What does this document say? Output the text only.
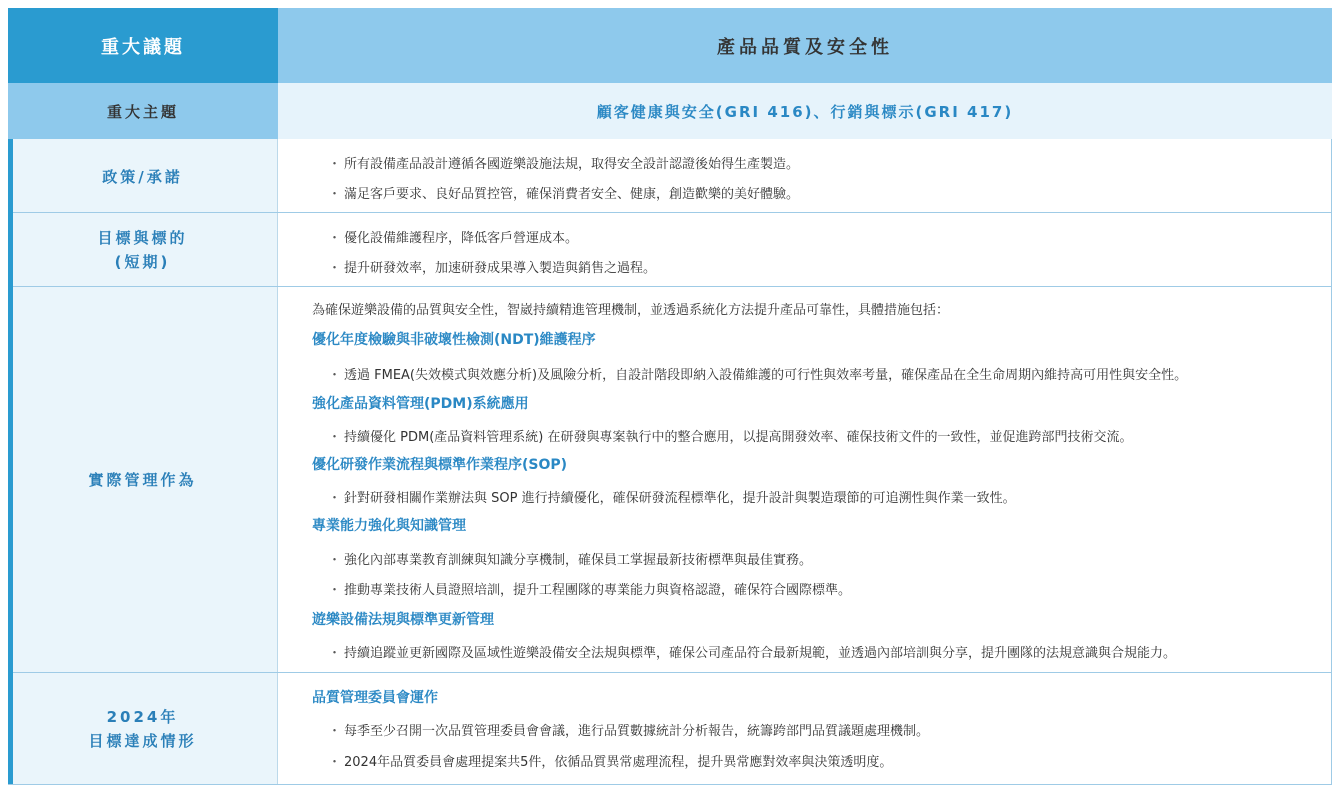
重大議題	產品品質及安全性
重大主題	顧客健康與安全(GRI 416)、行銷與標示(GRI 417)
政策/承諾
・ 所有設備產品設計遵循各國遊樂設施法規，取得安全設計認證後始得生產製造。
・ 滿足客戶要求、良好品質控管，確保消費者安全、健康，創造歡樂的美好體驗。
目標與標的
(短期)
・ 優化設備維護程序，降低客戶營運成本。
・ 提升研發效率，加速研發成果導入製造與銷售之過程。
實際管理作為
為確保遊樂設備的品質與安全性，智崴持續精進管理機制，並透過系統化方法提升產品可靠性，具體措施包括：
優化年度檢驗與非破壞性檢測(NDT)維護程序
・ 透過 FMEA(失效模式與效應分析)及風險分析，自設計階段即納入設備維護的可行性與效率考量，確保產品在全生命周期內維持高可用性與安全性。
強化產品資料管理(PDM)系統應用
・ 持續優化 PDM(產品資料管理系統) 在研發與專案執行中的整合應用，以提高開發效率、確保技術文件的一致性，並促進跨部門技術交流。
優化研發作業流程與標準作業程序(SOP)
・ 針對研發相關作業辦法與 SOP 進行持續優化，確保研發流程標準化，提升設計與製造環節的可追溯性與作業一致性。
專業能力強化與知識管理
・ 強化內部專業教育訓練與知識分享機制，確保員工掌握最新技術標準與最佳實務。
・ 推動專業技術人員證照培訓，提升工程團隊的專業能力與資格認證，確保符合國際標準。
遊樂設備法規與標準更新管理
・ 持續追蹤並更新國際及區域性遊樂設備安全法規與標準，確保公司產品符合最新規範，並透過內部培訓與分享，提升團隊的法規意識與合規能力。
2024年
目標達成情形
品質管理委員會運作
・ 每季至少召開一次品質管理委員會會議，進行品質數據統計分析報告，統籌跨部門品質議題處理機制。
・ 2024年品質委員會處理提案共5件，依循品質異常處理流程，提升異常應對效率與決策透明度。
